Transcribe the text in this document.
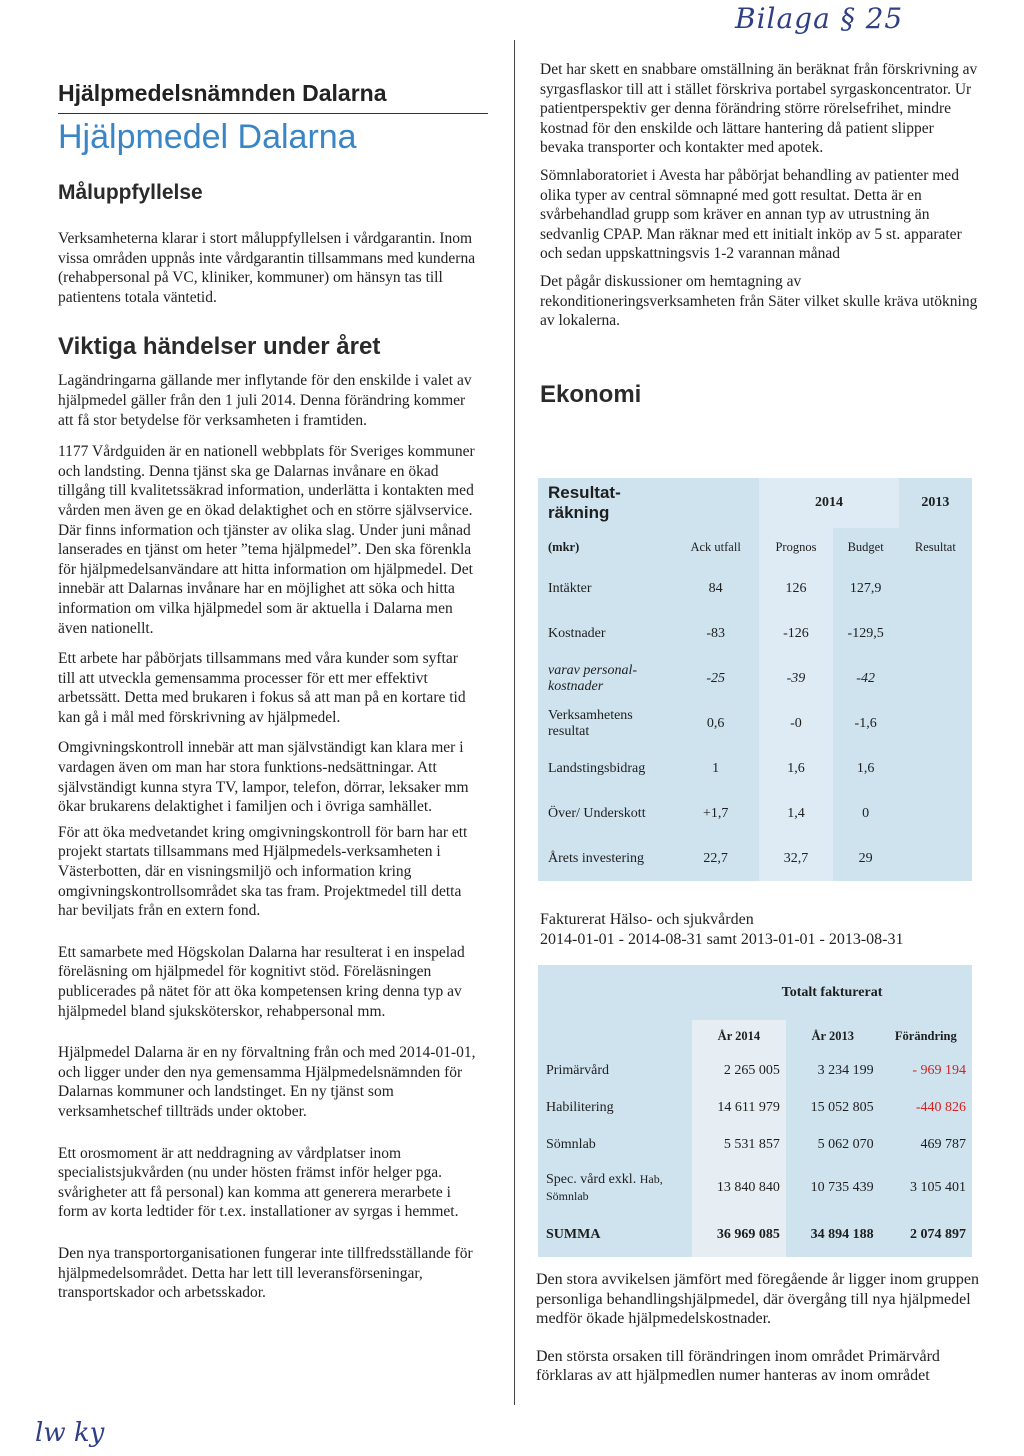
Bilaga § 25
Hjälpmedelsnämnden Dalarna
Hjälpmedel Dalarna
Måluppfyllelse

Verksamheterna klarar i stort måluppfyllelsen i vårdgarantin. Inom vissa områden uppnås inte vårdgarantin tillsammans med kunderna (rehabpersonal på VC, kliniker, kommuner) om hänsyn tas till patientens totala väntetid.

Viktiga händelser under året

Lagändringarna gällande mer inflytande för den enskilde i valet av hjälpmedel gäller från den 1 juli 2014. Denna förändring kommer att få stor betydelse för verksamheten i framtiden.

1177 Vårdguiden är en nationell webbplats för Sveriges kommuner och landsting. Denna tjänst ska ge Dalarnas invånare en ökad tillgång till kvalitetssäkrad information, underlätta i kontakten med vården men även ge en ökad delaktighet och en större självservice. Där finns information och tjänster av olika slag. Under juni månad lanserades en tjänst om heter ”tema hjälpmedel”. Den ska förenkla för hjälpmedelsanvändare att hitta information om hjälpmedel. Det innebär att Dalarnas invånare har en möjlighet att söka och hitta information om vilka hjälpmedel som är aktuella i Dalarna men även nationellt.

Ett arbete har påbörjats tillsammans med våra kunder som syftar till att utveckla gemensamma processer för ett mer effektivt arbetssätt. Detta med brukaren i fokus så att man på en kortare tid kan gå i mål med förskrivning av hjälpmedel.

Omgivningskontroll innebär att man självständigt kan klara mer i vardagen även om man har stora funktions-nedsättningar. Att självständigt kunna styra TV, lampor, telefon, dörrar, leksaker mm ökar brukarens delaktighet i familjen och i övriga samhället.

För att öka medvetandet kring omgivningskontroll för barn har ett projekt startats tillsammans med Hjälpmedels-verksamheten i Västerbotten, där en visningsmiljö och information kring omgivningskontrollsområdet ska tas fram. Projektmedel till detta har beviljats från en extern fond.

Ett samarbete med Högskolan Dalarna har resulterat i en inspelad föreläsning om hjälpmedel för kognitivt stöd. Föreläsningen publicerades på nätet för att öka kompetensen kring denna typ av hjälpmedel bland sjuksköterskor, rehabpersonal mm.

Hjälpmedel Dalarna är en ny förvaltning från och med 2014-01-01, och ligger under den nya gemensamma Hjälpmedelsnämnden för Dalarnas kommuner och landstinget. En ny tjänst som verksamhetschef tillträds under oktober.

Ett orosmoment är att neddragning av vårdplatser inom specialistsjukvården (nu under hösten främst inför helger pga. svårigheter att få personal) kan komma att generera merarbete i form av korta ledtider för t.ex. installationer av syrgas i hemmet.

Den nya transportorganisationen fungerar inte tillfredsställande för hjälpmedelsområdet. Detta har lett till leveransförseningar, transportskador och arbetsskador.

Det har skett en snabbare omställning än beräknat från förskrivning av syrgasflaskor till att i stället förskriva portabel syrgaskoncentrator. Ur patientperspektiv ger denna förändring större rörelsefrihet, mindre kostnad för den enskilde och lättare hantering då patient slipper bevaka transporter och kontakter med apotek.

Sömnlaboratoriet i Avesta har påbörjat behandling av patienter med olika typer av central sömnapné med gott resultat. Detta är en svårbehandlad grupp som kräver en annan typ av utrustning än sedvanlig CPAP. Man räknar med ett initialt inköp av 5 st. apparater och sedan uppskattningsvis 1-2 varannan månad

Det pågår diskussioner om hemtagning av rekonditioneringsverksamheten från Säter vilket skulle kräva utökning av lokalerna.

Ekonomi
Resultat-räkning		2014		2013
(mkr)	Ack utfall	Prognos	Budget	Resultat
Intäkter	84	126	127,9	
Kostnader	-83	-126	-129,5	
varav personal-kostnader	-25	-39	-42	
Verksamhetens resultat	0,6	-0	-1,6	
Landstingsbidrag	1	1,6	1,6	
Över/ Underskott	+1,7	1,4	0	
Årets investering	22,7	32,7	29	

Fakturerat Hälso- och sjukvården

2014-01-01 - 2014-08-31 samt 2013-01-01 - 2013-08-31

	Totalt fakturerat		
	År 2014	År 2013	Förändring
Primärvård	2 265 005	3 234 199	- 969 194
Habilitering	14 611 979	15 052 805	-440 826
Sömnlab	5 531 857	5 062 070	469 787
Spec. vård exkl. Hab, Sömnlab	13 840 840	10 735 439	3 105 401
SUMMA	36 969 085	34 894 188	2 074 897

Den stora avvikelsen jämfört med föregående år ligger inom gruppen personliga behandlingshjälpmedel, där övergång till nya hjälpmedel medför ökade hjälpmedelskostnader.

Den största orsaken till förändringen inom området Primärvård förklaras av att hjälpmedlen numer hanteras av inom området

lw ky
